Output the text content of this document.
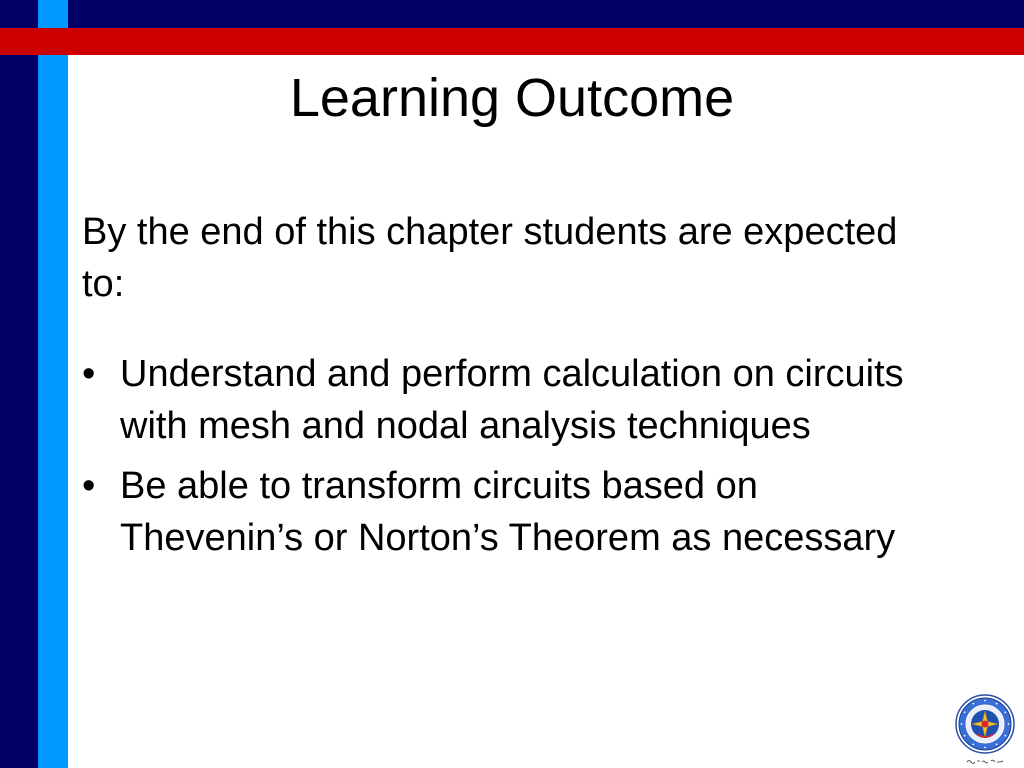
Learning Outcome
By the end of this chapter students are expected to:
• Understand and perform calculation on circuits with mesh and nodal analysis techniques
• Be able to transform circuits based on Thevenin’s or Norton’s Theorem as necessary
